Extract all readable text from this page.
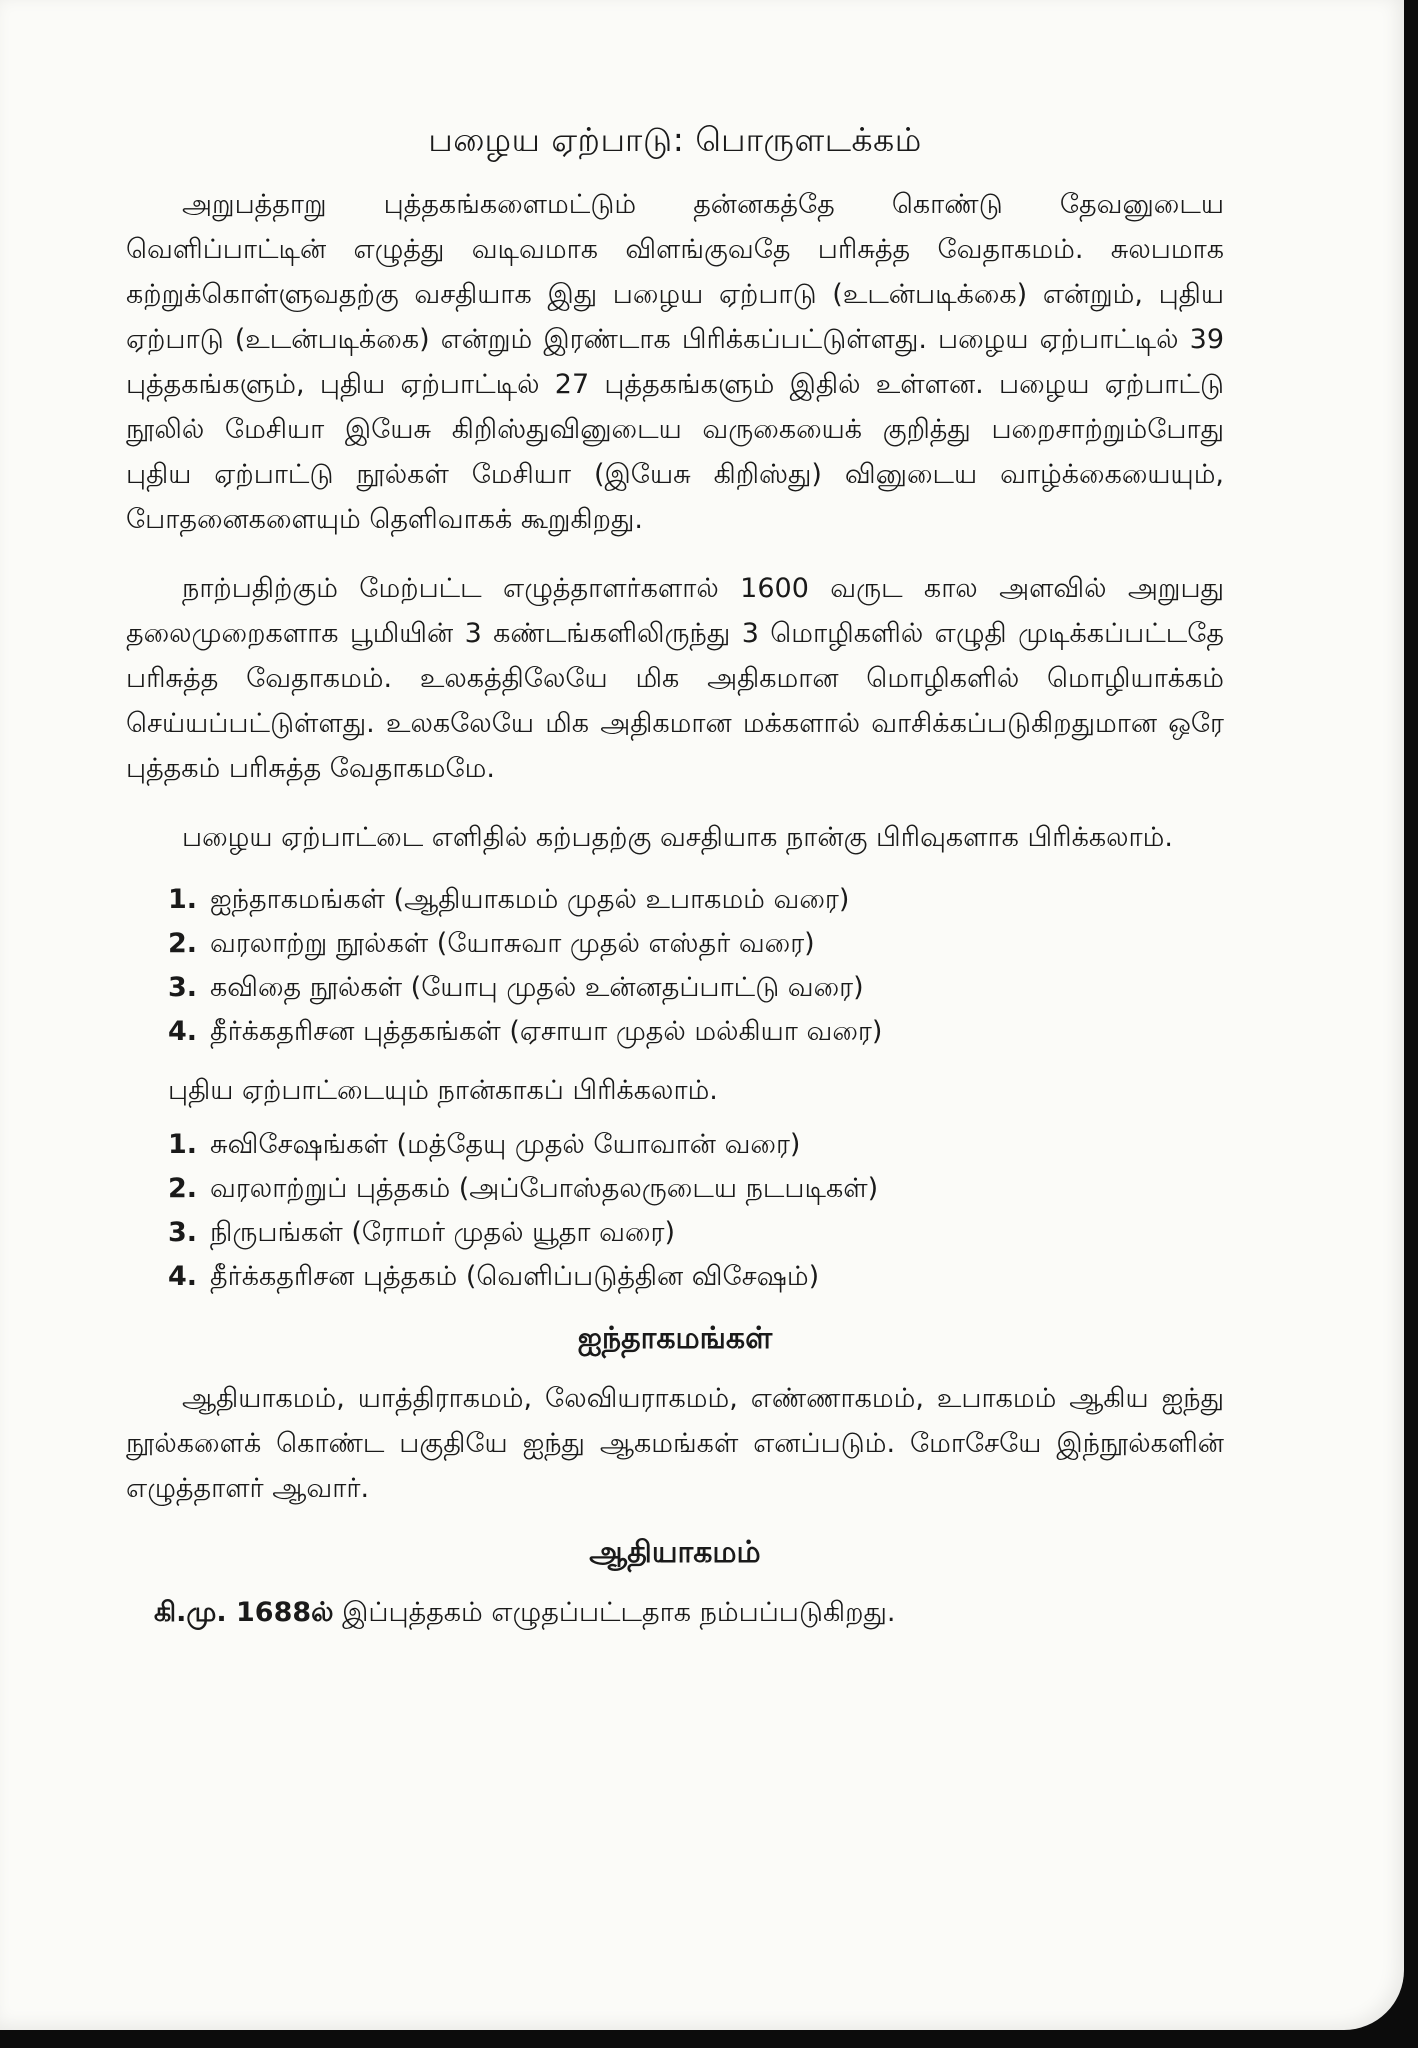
பழைய ஏற்பாடு: பொருளடக்கம்

அறுபத்தாறு புத்தகங்களைமட்டும் தன்னகத்தே கொண்டு தேவனுடைய வெளிப்பாட்டின் எழுத்து வடிவமாக விளங்குவதே பரிசுத்த வேதாகமம். சுலபமாக கற்றுக்கொள்ளுவதற்கு வசதியாக இது பழைய ஏற்பாடு (உடன்படிக்கை) என்றும், புதிய ஏற்பாடு (உடன்படிக்கை) என்றும் இரண்டாக பிரிக்கப்பட்டுள்ளது. பழைய ஏற்பாட்டில் 39 புத்தகங்களும், புதிய ஏற்பாட்டில் 27 புத்தகங்களும் இதில் உள்ளன. பழைய ஏற்பாட்டு நூலில் மேசியா இயேசு கிறிஸ்துவினுடைய வருகையைக் குறித்து பறைசாற்றும்போது புதிய ஏற்பாட்டு நூல்கள் மேசியா (இயேசு கிறிஸ்து) வினுடைய வாழ்க்கையையும், போதனைகளையும் தெளிவாகக் கூறுகிறது.

நாற்பதிற்கும் மேற்பட்ட எழுத்தாளர்களால் 1600 வருட கால அளவில் அறுபது தலைமுறைகளாக பூமியின் 3 கண்டங்களிலிருந்து 3 மொழிகளில் எழுதி முடிக்கப்பட்டதே பரிசுத்த வேதாகமம். உலகத்திலேயே மிக அதிகமான மொழிகளில் மொழியாக்கம் செய்யப்பட்டுள்ளது. உலகலேயே மிக அதிகமான மக்களால் வாசிக்கப்படுகிறதுமான ஒரே புத்தகம் பரிசுத்த வேதாகமமே.

பழைய ஏற்பாட்டை எளிதில் கற்பதற்கு வசதியாக நான்கு பிரிவுகளாக பிரிக்கலாம்.

1. ஐந்தாகமங்கள் (ஆதியாகமம் முதல் உபாகமம் வரை)
2. வரலாற்று நூல்கள் (யோசுவா முதல் எஸ்தர் வரை)
3. கவிதை நூல்கள் (யோபு முதல் உன்னதப்பாட்டு வரை)
4. தீர்க்கதரிசன புத்தகங்கள் (ஏசாயா முதல் மல்கியா வரை)

புதிய ஏற்பாட்டையும் நான்காகப் பிரிக்கலாம்.

1. சுவிசேஷங்கள் (மத்தேயு முதல் யோவான் வரை)
2. வரலாற்றுப் புத்தகம் (அப்போஸ்தலருடைய நடபடிகள்)
3. நிருபங்கள் (ரோமர் முதல் யூதா வரை)
4. தீர்க்கதரிசன புத்தகம் (வெளிப்படுத்தின விசேஷம்)
ஐந்தாகமங்கள்

ஆதியாகமம், யாத்திராகமம், லேவியராகமம், எண்ணாகமம், உபாகமம் ஆகிய ஐந்து நூல்களைக் கொண்ட பகுதியே ஐந்து ஆகமங்கள் எனப்படும். மோசேயே இந்நூல்களின் எழுத்தாளர் ஆவார்.

ஆதியாகமம்

கி.மு. 1688ல் இப்புத்தகம் எழுதப்பட்டதாக நம்பப்படுகிறது.
